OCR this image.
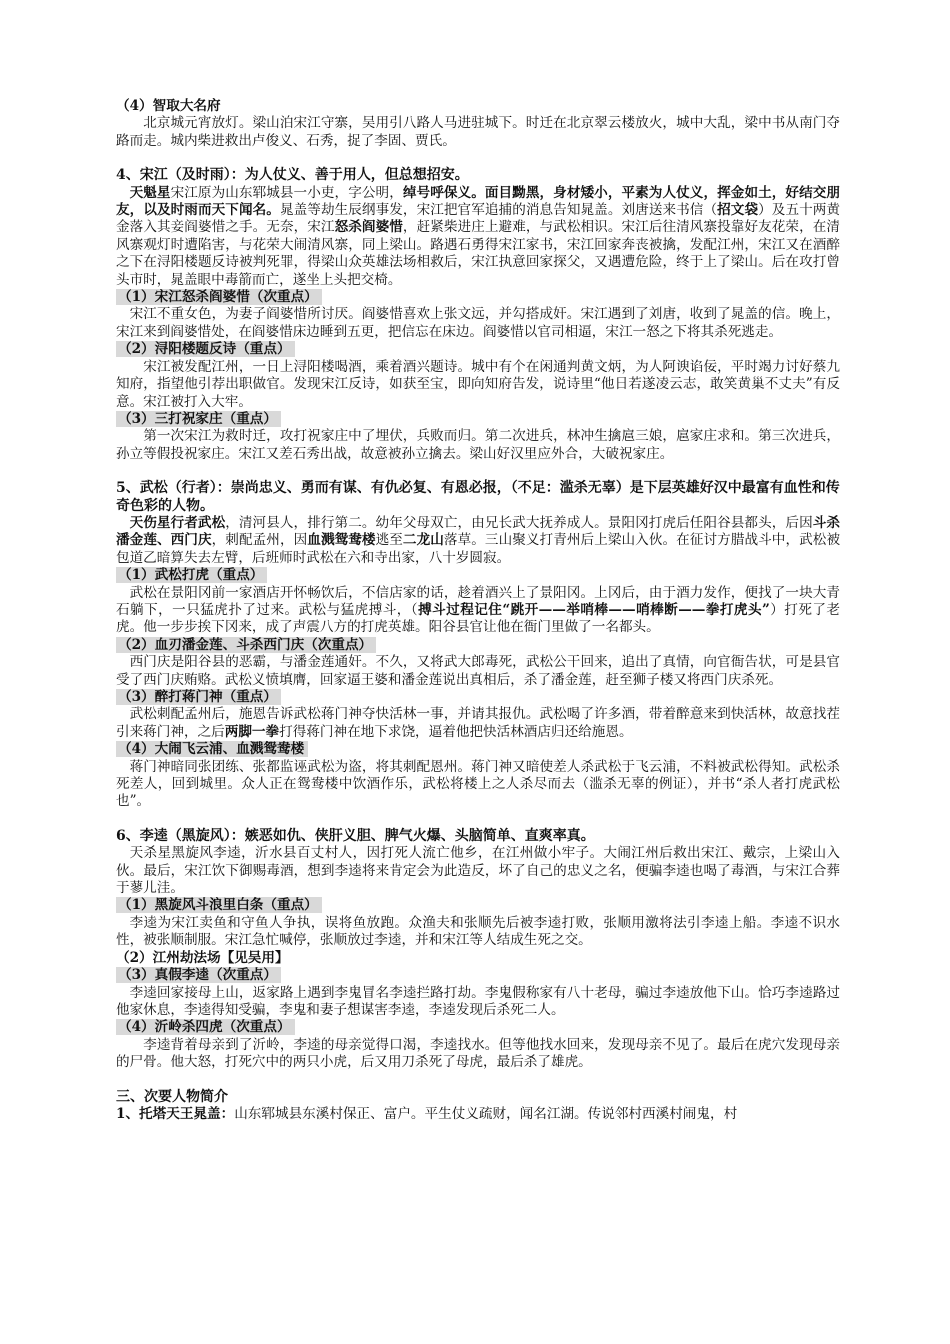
（4）智取大名府

北京城元宵放灯。梁山泊宋江守寨，吴用引八路人马进驻城下。时迁在北京翠云楼放火，城中大乱，梁中书从南门夺路而走。城内柴进救出卢俊义、石秀，捉了李固、贾氏。

4、宋江（及时雨）：为人仗义、善于用人，但总想招安。

天魁星宋江原为山东郓城县一小吏，字公明，绰号呼保义。面目黝黑，身材矮小，平素为人仗义，挥金如土，好结交朋友，以及时雨而天下闻名。晁盖等劫生辰纲事发，宋江把官军追捕的消息告知晁盖。刘唐送来书信（招文袋）及五十两黄金落入其妾阎婆惜之手。无奈，宋江怒杀阎婆惜，赶紧柴进庄上避难，与武松相识。宋江后往清风寨投靠好友花荣，在清风寨观灯时遭陷害，与花荣大闹清风寨，同上梁山。路遇石勇得宋江家书，宋江回家奔丧被擒，发配江州，宋江又在酒醉之下在浔阳楼题反诗被判死罪，得梁山众英雄法场相救后，宋江执意回家探父，又遇遭危险，终于上了梁山。后在攻打曾头市时，晁盖眼中毒箭而亡，遂坐上头把交椅。

（1）宋江怒杀阎婆惜（次重点）

宋江不重女色，为妻子阎婆惜所讨厌。阎婆惜喜欢上张文远，并勾搭成奸。宋江遇到了刘唐，收到了晁盖的信。晚上，宋江来到阎婆惜处，在阎婆惜床边睡到五更，把信忘在床边。阎婆惜以官司相逼，宋江一怒之下将其杀死逃走。

（2）浔阳楼题反诗（重点）

宋江被发配江州，一日上浔阳楼喝酒，乘着酒兴题诗。城中有个在闲通判黄文炳，为人阿谀谄佞，平时竭力讨好蔡九知府，指望他引荐出职做官。发现宋江反诗，如获至宝，即向知府告发，说诗里“他日若遂凌云志，敢笑黄巢不丈夫”有反意。宋江被打入大牢。

（3）三打祝家庄（重点）

第一次宋江为救时迁，攻打祝家庄中了埋伏，兵败而归。第二次进兵，林冲生擒扈三娘，扈家庄求和。第三次进兵，孙立等假投祝家庄。宋江又差石秀出战，故意被孙立擒去。梁山好汉里应外合，大破祝家庄。

5、武松（行者）：崇尚忠义、勇而有谋、有仇必复、有恩必报，（不足：滥杀无辜）是下层英雄好汉中最富有血性和传奇色彩的人物。

天伤星行者武松，清河县人，排行第二。幼年父母双亡，由兄长武大抚养成人。景阳冈打虎后任阳谷县都头，后因斗杀潘金莲、西门庆，刺配孟州，因血溅鸳鸯楼逃至二龙山落草。三山聚义打青州后上梁山入伙。在征讨方腊战斗中，武松被包道乙暗算失去左臂，后班师时武松在六和寺出家，八十岁圆寂。

（1）武松打虎（重点）

武松在景阳冈前一家酒店开怀畅饮后，不信店家的话，趁着酒兴上了景阳冈。上冈后，由于酒力发作，便找了一块大青石躺下，一只猛虎扑了过来。武松与猛虎搏斗，（搏斗过程记住“跳开——举哨棒——哨棒断——拳打虎头”）打死了老虎。他一步步挨下冈来，成了声震八方的打虎英雄。阳谷县官让他在衙门里做了一名都头。

（2）血刃潘金莲、斗杀西门庆（次重点）

西门庆是阳谷县的恶霸，与潘金莲通奸。不久，又将武大郎毒死，武松公干回来，追出了真情，向官衙告状，可是县官受了西门庆贿赂。武松义愤填膺，回家逼王婆和潘金莲说出真相后，杀了潘金莲，赶至狮子楼又将西门庆杀死。

（3）醉打蒋门神（重点）

武松刺配孟州后，施恩告诉武松蒋门神夺快活林一事，并请其报仇。武松喝了许多酒，带着醉意来到快活林，故意找茬引来蒋门神，之后两脚一拳打得蒋门神在地下求饶，逼着他把快活林酒店归还给施恩。

（4）大闹飞云浦、血溅鸳鸯楼

蒋门神暗同张团练、张都监诬武松为盗，将其刺配恩州。蒋门神又暗使差人杀武松于飞云浦，不料被武松得知。武松杀死差人，回到城里。众人正在鸳鸯楼中饮酒作乐，武松将楼上之人杀尽而去（滥杀无辜的例证），并书“杀人者打虎武松也”。

6、李逵（黑旋风）：嫉恶如仇、侠肝义胆、脾气火爆、头脑简单、直爽率真。

天杀星黑旋风李逵，沂水县百丈村人，因打死人流亡他乡，在江州做小牢子。大闹江州后救出宋江、戴宗，上梁山入伙。最后，宋江饮下御赐毒酒，想到李逵将来肯定会为此造反，坏了自己的忠义之名，便骗李逵也喝了毒酒，与宋江合葬于蓼儿洼。

（1）黑旋风斗浪里白条（重点）

李逵为宋江卖鱼和守鱼人争执，误将鱼放跑。众渔夫和张顺先后被李逵打败，张顺用激将法引李逵上船。李逵不识水性，被张顺制服。宋江急忙喊停，张顺放过李逵，并和宋江等人结成生死之交。

（2）江州劫法场【见吴用】

（3）真假李逵（次重点）

李逵回家接母上山，返家路上遇到李鬼冒名李逵拦路打劫。李鬼假称家有八十老母，骗过李逵放他下山。恰巧李逵路过他家休息，李逵得知受骗，李鬼和妻子想谋害李逵，李逵发现后杀死二人。

（4）沂岭杀四虎（次重点）

李逵背着母亲到了沂岭，李逵的母亲觉得口渴，李逵找水。但等他找水回来，发现母亲不见了。最后在虎穴发现母亲的尸骨。他大怒，打死穴中的两只小虎，后又用刀杀死了母虎，最后杀了雄虎。

三、次要人物简介

1、托塔天王晁盖：山东郓城县东溪村保正、富户。平生仗义疏财，闻名江湖。传说邻村西溪村闹鬼，村
